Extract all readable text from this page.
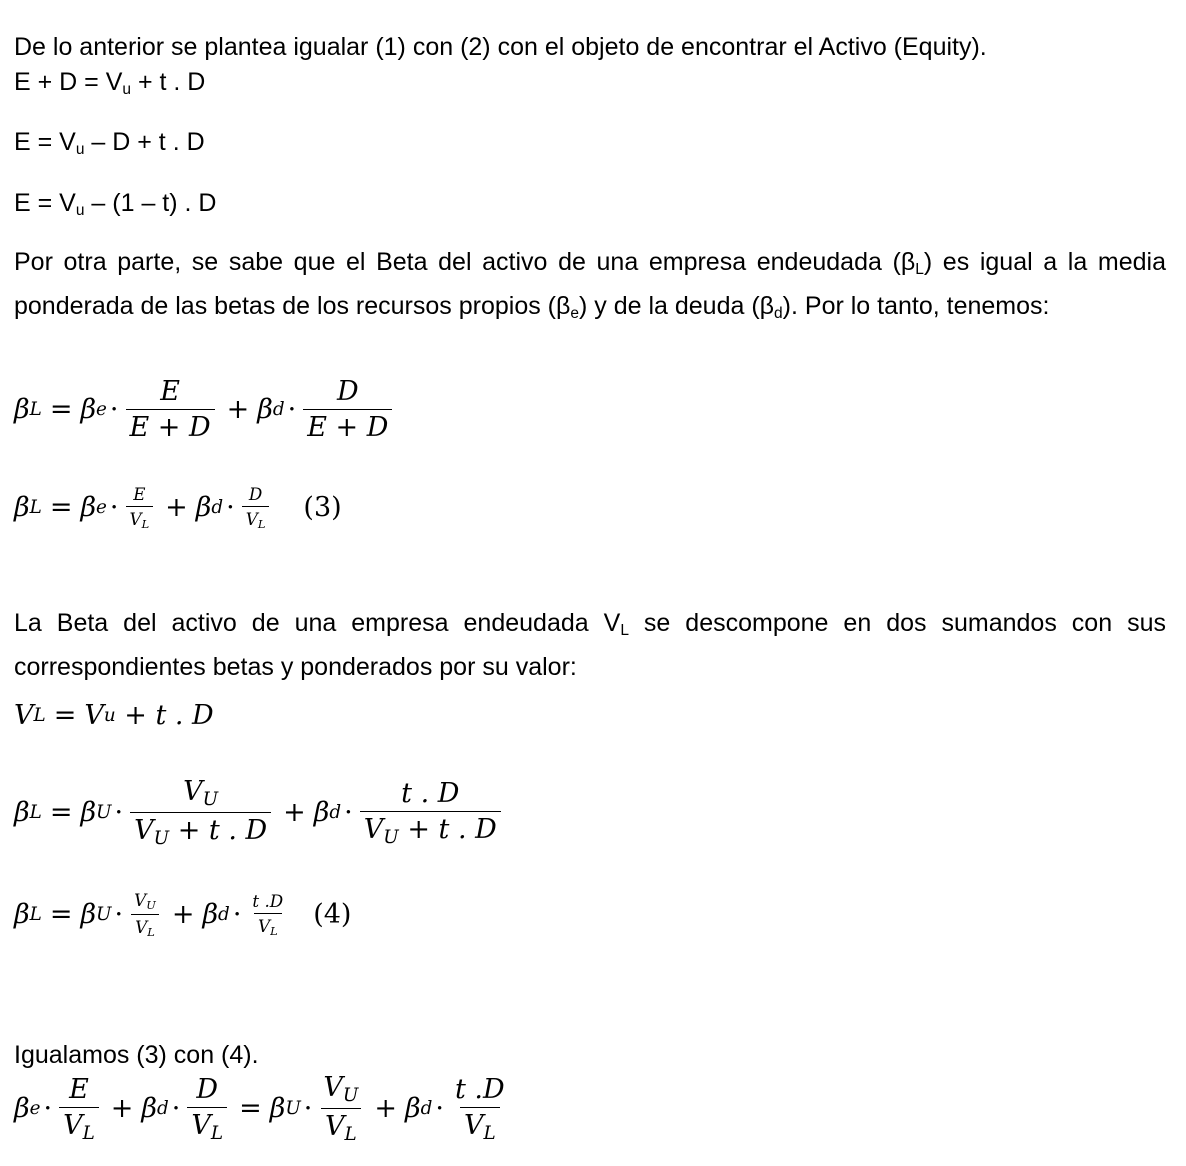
De lo anterior se plantea igualar (1) con (2) con el objeto de encontrar el Activo (Equity).

E + D = Vu + t . D
E = Vu – D + t . D
E = Vu – (1 – t) . D

Por otra parte, se sabe que el Beta del activo de una empresa endeudada (βL) es igual a la media ponderada de las betas de los recursos propios (βe) y de la deuda (βd). Por lo tanto, tenemos:

β L = β $e \cdot \frac{E}{E + D} + \beta$ $d \cdot \frac{D}{E + D}$
β L = β $e \cdot \frac{E}{V_L} + \beta$ $d \cdot \frac{D}{V_L} (3)$

La Beta del activo de una empresa endeudada VL se descompone en dos sumandos con sus correspondientes betas y ponderados por su valor:

V L = V u + t . D
β L = β $U \cdot \frac{V_U}{V_U + t . D} + \beta$ $d \cdot \frac{t . D}{V_U + t . D}$
β L = β $U \cdot \frac{V_U}{V_L} + \beta$ $d \cdot \frac{t .D}{V_L} (4)$

Igualamos (3) con (4).

β $e \cdot \frac{E}{V_L} + \beta$ $d \cdot \frac{D}{V_L} = \beta$ $U \cdot \frac{V_U}{V_L} + \beta$ $d \cdot \frac{t .D}{V_L}$
